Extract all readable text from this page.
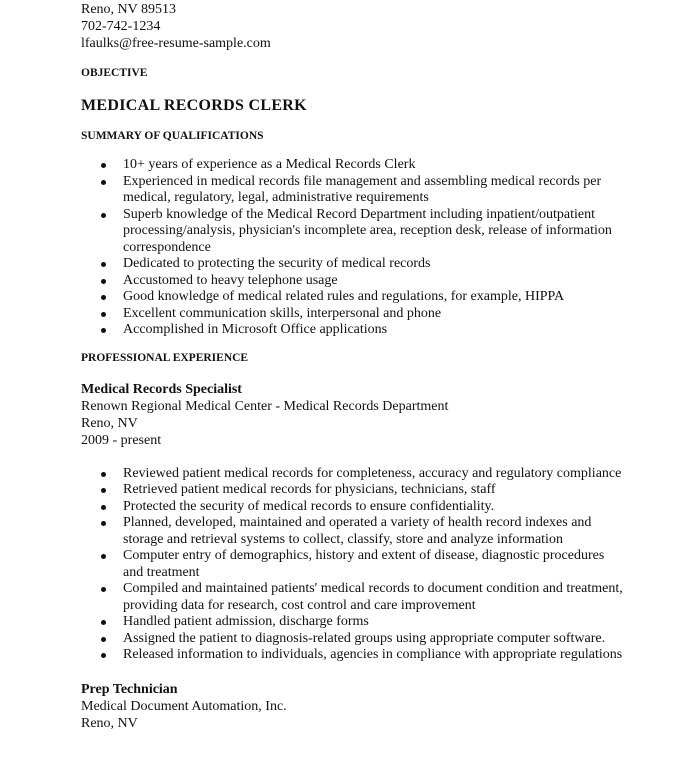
Reno, NV 89513
702-742-1234
lfaulks@free-resume-sample.com
OBJECTIVE
MEDICAL RECORDS CLERK
SUMMARY OF QUALIFICATIONS
10+ years of experience as a Medical Records Clerk
Experienced in medical records file management and assembling medical records per medical, regulatory, legal, administrative requirements
Superb knowledge of the Medical Record Department including inpatient/outpatient processing/analysis, physician's incomplete area, reception desk, release of information correspondence
Dedicated to protecting the security of medical records
Accustomed to heavy telephone usage
Good knowledge of medical related rules and regulations, for example, HIPPA
Excellent communication skills, interpersonal and phone
Accomplished in Microsoft Office applications
PROFESSIONAL EXPERIENCE
Medical Records Specialist
Renown Regional Medical Center - Medical Records Department
Reno, NV
2009 - present
Reviewed patient medical records for completeness, accuracy and regulatory compliance
Retrieved patient medical records for physicians, technicians, staff
Protected the security of medical records to ensure confidentiality.
Planned, developed, maintained and operated a variety of health record indexes and storage and retrieval systems to collect, classify, store and analyze information
Computer entry of demographics, history and extent of disease, diagnostic procedures and treatment
Compiled and maintained patients' medical records to document condition and treatment, providing data for research, cost control and care improvement
Handled patient admission, discharge forms
Assigned the patient to diagnosis-related groups using appropriate computer software.
Released information to individuals, agencies in compliance with appropriate regulations
Prep Technician
Medical Document Automation, Inc.
Reno, NV
